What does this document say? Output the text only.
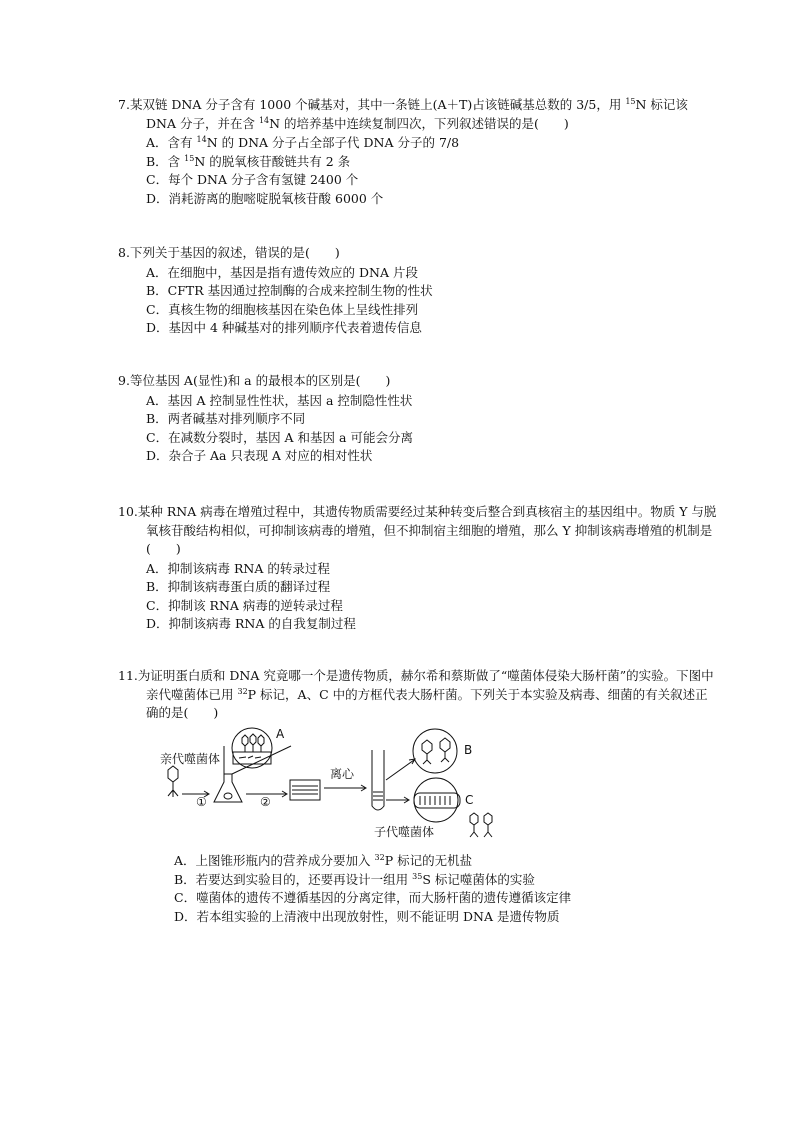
7.某双链 DNA 分子含有 1000 个碱基对，其中一条链上(A＋T)占该链碱基总数的 3/5，用 $^{15}$N 标记该 DNA 分子，并在含 $^{14}$N 的培养基中连续复制四次，下列叙述错误的是(　　)

A．含有 $^{14}$N 的 DNA 分子占全部子代 DNA 分子的 7/8
B．含 $^{15}$N 的脱氧核苷酸链共有 2 条
C．每个 DNA 分子含有氢键 2400 个
D．消耗游离的胞嘧啶脱氧核苷酸 6000 个

8.下列关于基因的叙述，错误的是(　　)

A．在细胞中，基因是指有遗传效应的 DNA 片段
B．CFTR 基因通过控制酶的合成来控制生物的性状
C．真核生物的细胞核基因在染色体上呈线性排列
D．基因中 4 种碱基对的排列顺序代表着遗传信息

9.等位基因 A(显性)和 a 的最根本的区别是(　　)

A．基因 A 控制显性性状，基因 a 控制隐性性状
B．两者碱基对排列顺序不同
C．在减数分裂时，基因 A 和基因 a 可能会分离
D．杂合子 Aa 只表现 A 对应的相对性状

10.某种 RNA 病毒在增殖过程中，其遗传物质需要经过某种转变后整合到真核宿主的基因组中。物质 Y 与脱氧核苷酸结构相似，可抑制该病毒的增殖，但不抑制宿主细胞的增殖，那么 Y 抑制该病毒增殖的机制是(　　)

A．抑制该病毒 RNA 的转录过程
B．抑制该病毒蛋白质的翻译过程
C．抑制该 RNA 病毒的逆转录过程
D．抑制该病毒 RNA 的自我复制过程

11.为证明蛋白质和 DNA 究竟哪一个是遗传物质，赫尔希和蔡斯做了“噬菌体侵染大肠杆菌”的实验。下图中亲代噬菌体已用 $^{32}$P 标记，A、C 中的方框代表大肠杆菌。下列关于本实验及病毒、细菌的有关叙述正确的是(　　)

亲代噬菌体
①	②
离心
A
B
C
子代噬菌体
A．上图锥形瓶内的营养成分要加入 $^{32}$P 标记的无机盐
B．若要达到实验目的，还要再设计一组用 $^{35}$S 标记噬菌体的实验
C．噬菌体的遗传不遵循基因的分离定律，而大肠杆菌的遗传遵循该定律
D．若本组实验的上清液中出现放射性，则不能证明 DNA 是遗传物质
